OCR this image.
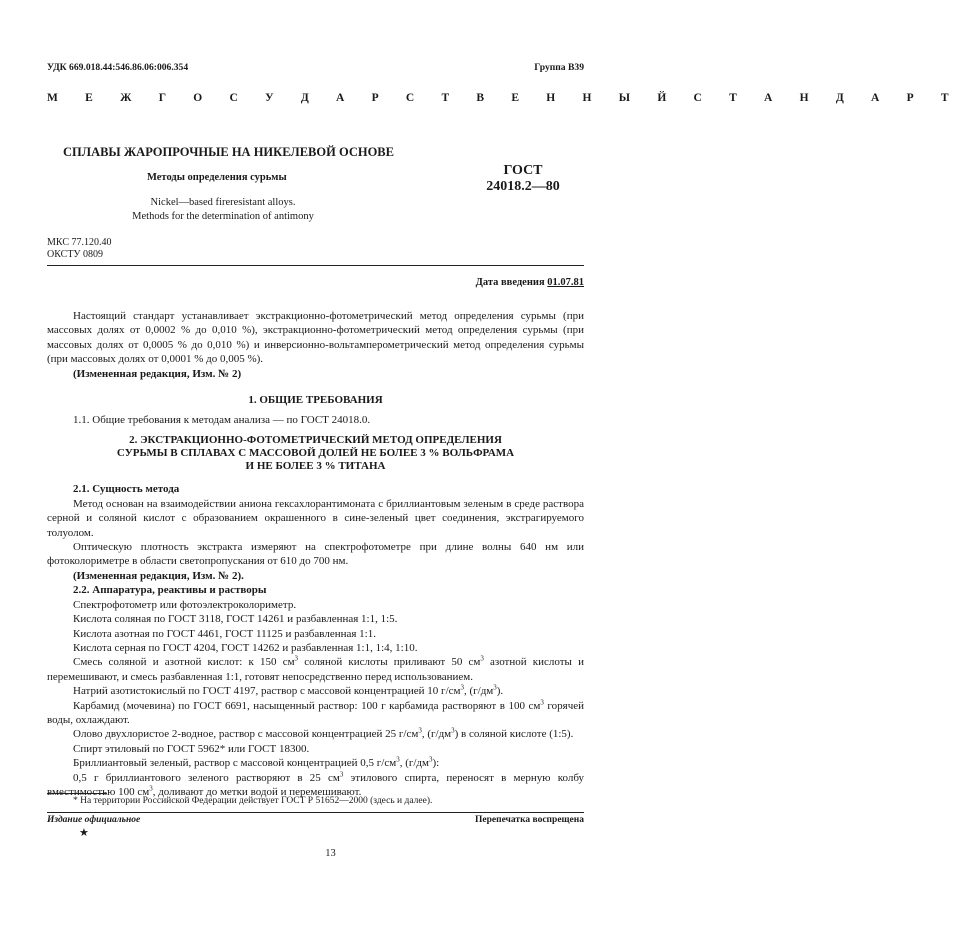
УДК 669.018.44:546.86.06:006.354	Группа B39
М Е Ж Г О С У Д А Р С Т В Е Н Н Ы Й С Т А Н Д А Р Т
СПЛАВЫ ЖАРОПРОЧНЫЕ НА НИКЕЛЕВОЙ ОСНОВЕ
Методы определения сурьмы
Nickel—based fireresistant alloys.
Methods for the determination of antimony
ГОСТ
24018.2—80
МКС 77.120.40
ОКСТУ 0809
Дата введения 01.07.81

Настоящий стандарт устанавливает экстракционно-фотометрический метод определения сурьмы (при массовых долях от 0,0002 % до 0,010 %), экстракционно-фотометрический метод определения сурьмы (при массовых долях от 0,0005 % до 0,010 %) и инверсионно-вольтамперометрический метод определения сурьмы (при массовых долях от 0,0001 % до 0,005 %).

(Измененная редакция, Изм. № 2)

1. ОБЩИЕ ТРЕБОВАНИЯ

1.1. Общие требования к методам анализа — по ГОСТ 24018.0.

2. ЭКСТРАКЦИОННО-ФОТОМЕТРИЧЕСКИЙ МЕТОД ОПРЕДЕЛЕНИЯ
СУРЬМЫ В СПЛАВАХ С МАССОВОЙ ДОЛЕЙ НЕ БОЛЕЕ 3 % ВОЛЬФРАМА
И НЕ БОЛЕЕ 3 % ТИТАНА

2.1. Сущность метода

Метод основан на взаимодействии аниона гексахлорантимоната с бриллиантовым зеленым в среде раствора серной и соляной кислот с образованием окрашенного в сине-зеленый цвет соединения, экстрагируемого толуолом.

Оптическую плотность экстракта измеряют на спектрофотометре при длине волны 640 нм или фотоколориметре в области светопропускания от 610 до 700 нм.

(Измененная редакция, Изм. № 2).

2.2. Аппаратура, реактивы и растворы

Спектрофотометр или фотоэлектроколориметр.

Кислота соляная по ГОСТ 3118, ГОСТ 14261 и разбавленная 1:1, 1:5.

Кислота азотная по ГОСТ 4461, ГОСТ 11125 и разбавленная 1:1.

Кислота серная по ГОСТ 4204, ГОСТ 14262 и разбавленная 1:1, 1:4, 1:10.

Смесь соляной и азотной кислот: к 150 $см^3$ соляной кислоты приливают 50 $см^3$ азотной кислоты и перемешивают, и смесь разбавленная 1:1, готовят непосредственно перед использованием.

Натрий азотистокислый по ГОСТ 4197, раствор с массовой концентрацией 10 $г/см^3$, $(г/дм^3)$.

Карбамид (мочевина) по ГОСТ 6691, насыщенный раствор: 100 г карбамида растворяют в 100 $см^3$ горячей воды, охлаждают.

Олово двухлористое 2-водное, раствор с массовой концентрацией 25 $г/см^3$, $(г/дм^3)$ в соляной кислоте (1:5).

Спирт этиловый по ГОСТ 5962* или ГОСТ 18300.

Бриллиантовый зеленый, раствор с массовой концентрацией 0,5 $г/см^3$, $(г/дм^3)$:

0,5 г бриллиантового зеленого растворяют в 25 $см^3$ этилового спирта, переносят в мерную колбу вместимостью 100 $см^3$, доливают до метки водой и перемешивают.

* На территории Российской Федерации действует ГОСТ Р 51652—2000 (здесь и далее).
Издание официальное
★
Перепечатка воспрещена
13
